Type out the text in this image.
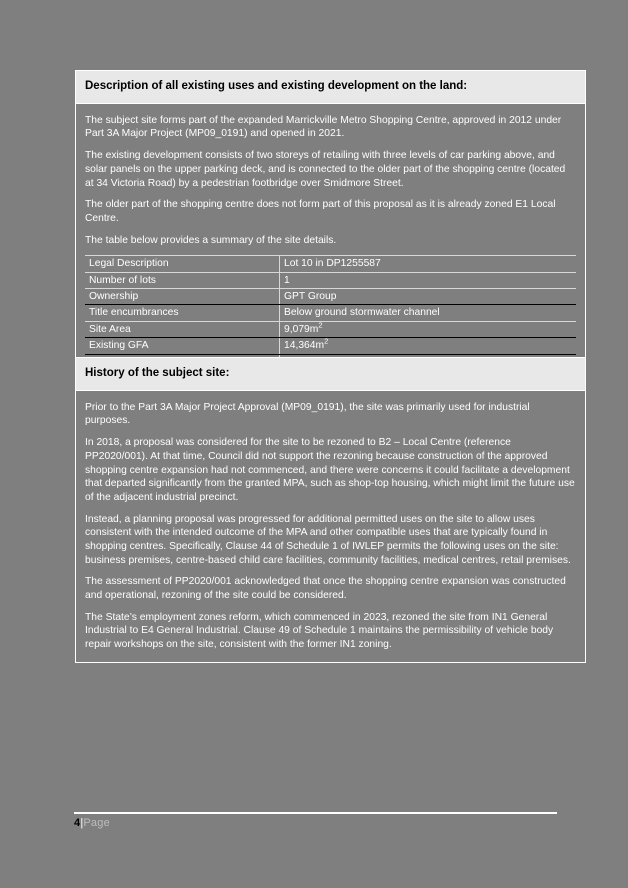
Description of all existing uses and existing development on the land:

The subject site forms part of the expanded Marrickville Metro Shopping Centre, approved in 2012 under Part 3A Major Project (MP09_0191) and opened in 2021.

The existing development consists of two storeys of retailing with three levels of car parking above, and solar panels on the upper parking deck, and is connected to the older part of the shopping centre (located at 34 Victoria Road) by a pedestrian footbridge over Smidmore Street.

The older part of the shopping centre does not form part of this proposal as it is already zoned E1 Local Centre.

The table below provides a summary of the site details.

Legal Description	Lot 10 in DP1255587
Number of lots	1
Ownership	GPT Group
Title encumbrances	Below ground stormwater channel
Site Area	$9,079m^2$
Existing GFA	$14,364m^2$

History of the subject site:

Prior to the Part 3A Major Project Approval (MP09_0191), the site was primarily used for industrial purposes.

In 2018, a proposal was considered for the site to be rezoned to B2 – Local Centre (reference PP2020/001). At that time, Council did not support the rezoning because construction of the approved shopping centre expansion had not commenced, and there were concerns it could facilitate a development that departed significantly from the granted MPA, such as shop-top housing, which might limit the future use of the adjacent industrial precinct.

Instead, a planning proposal was progressed for additional permitted uses on the site to allow uses consistent with the intended outcome of the MPA and other compatible uses that are typically found in shopping centres. Specifically, Clause 44 of Schedule 1 of IWLEP permits the following uses on the site: business premises, centre-based child care facilities, community facilities, medical centres, retail premises.

The assessment of PP2020/001 acknowledged that once the shopping centre expansion was constructed and operational, rezoning of the site could be considered.

The State’s employment zones reform, which commenced in 2023, rezoned the site from IN1 General Industrial to E4 General Industrial. Clause 49 of Schedule 1 maintains the permissibility of vehicle body repair workshops on the site, consistent with the former IN1 zoning.

4|Page
